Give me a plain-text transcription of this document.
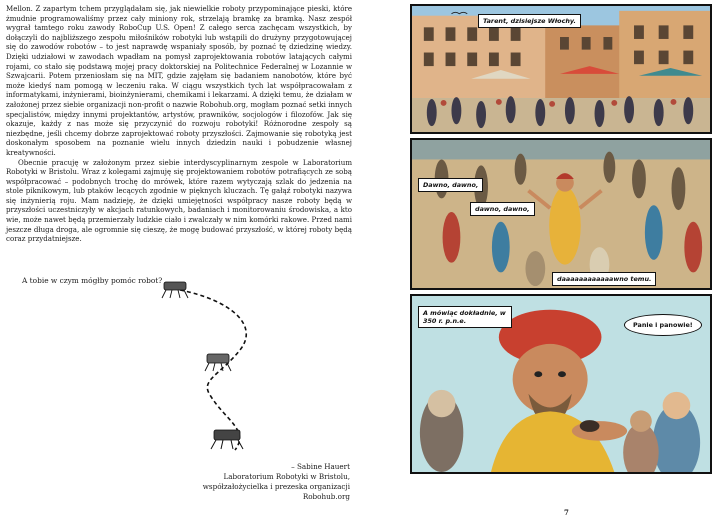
Mellon. Z zapartym tchem przyglądałam się, jak niewielkie roboty przypominające pieski, które żmudnie programowaliśmy przez cały miniony rok, strzelają bramkę za bramką. Nasz zespół wygrał tamtego roku zawody RoboCup U.S. Open! Z całego serca zachęcam wszystkich, by dołączyli do najbliższego zespołu miłośników robotyki lub wstąpili do drużyny przygotowującej się do zawodów robotów – to jest naprawdę wspaniały sposób, by poznać tę dziedzinę wiedzy. Dzięki udziałowi w zawodach wpadłam na pomysł zaprojektowania robotów latających całymi rojami, co stało się podstawą mojej pracy doktorskiej na Politechnice Federalnej w Lozannie w Szwajcarii. Potem przeniosłam się na MIT, gdzie zajęłam się badaniem nanobotów, które być może kiedyś nam pomogą w leczeniu raka. W ciągu wszystkich tych lat współpracowałam z informatykami, inżynierami, bioinżynierami, chemikami i lekarzami. A dzięki temu, że działam w założonej przez siebie organizacji non-profit o nazwie Robohub.org, mogłam poznać setki innych specjalistów, między innymi projektantów, artystów, prawników, socjologów i filozofów. Jak się okazuje, każdy z nas może się przyczynić do rozwoju robotyki! Różnorodne zespoły są niezbędne, jeśli chcemy dobrze zaprojektować roboty przyszłości. Zajmowanie się robotyką jest doskonałym sposobem na poznanie wielu innych dziedzin nauki i pobudzenie własnej kreatywności.

Obecnie pracuję w założonym przez siebie interdyscyplinarnym zespole w Laboratorium Robotyki w Bristolu. Wraz z kolegami zajmuję się projektowaniem robotów potrafiących ze sobą współpracować – podobnych trochę do mrówek, które razem wytyczają szlak do jedzenia na stole piknikowym, lub ptaków lecących zgodnie w pięknych kluczach. Tę gałąź robotyki nazywa się inżynierią roju. Mam nadzieję, że dzięki umiejętności współpracy nasze roboty będą w przyszłości uczestniczyły w akcjach ratunkowych, badaniach i monitorowaniu środowiska, a kto wie, może nawet będą przemierzały ludzkie ciało i zwalczały w nim komórki rakowe. Przed nami jeszcze długa droga, ale ogromnie się cieszę, że mogę budować przyszłość, w której roboty będą coraz przydatniejsze.

A tobie w czym mógłby pomóc robot?

– Sabine Hauert
Laboratorium Robotyki w Bristolu,
współzałożycielka i prezeska organizacji Robohub.org
Tarent, dzisiejsze Włochy.
Dawno, dawno,
dawno, dawno,
daaaaaaaaaaaawno temu.
A mówiąc dokładnie, w 350 r. p.n.e.	Panie i panowie!
7
